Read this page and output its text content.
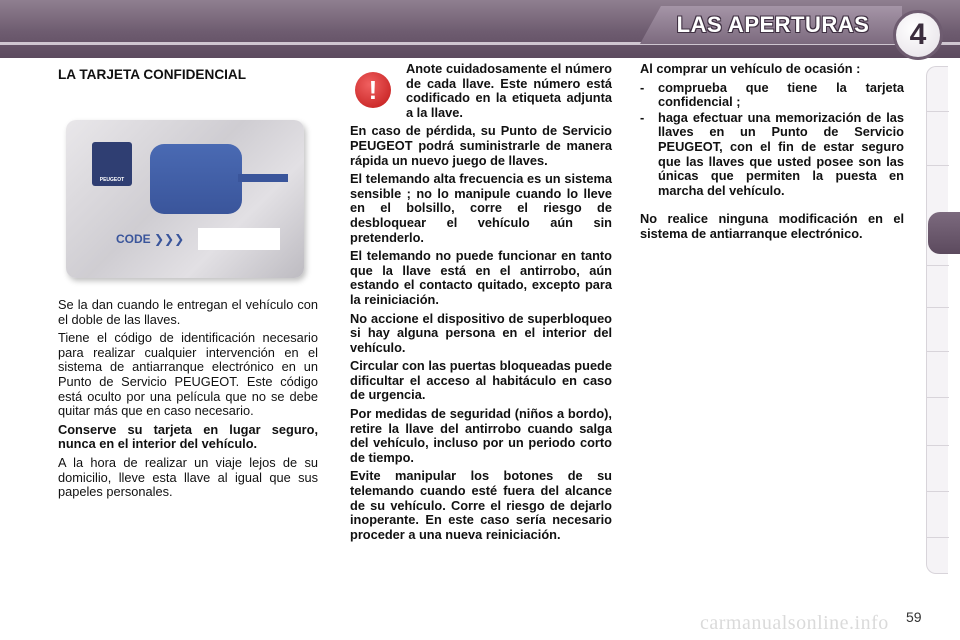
LAS APERTURAS	4
LA TARJETA CONFIDENCIAL
PEUGEOT
CODE ❯❯❯

Se la dan cuando le entregan el vehículo con el doble de las llaves.

Tiene el código de identificación necesario para realizar cualquier intervención en el sistema de antiarranque electrónico en un Punto de Servicio PEUGEOT. Este código está oculto por una película que no se debe quitar más que en caso necesario.

Conserve su tarjeta en lugar seguro, nunca en el interior del vehículo.

A la hora de realizar un viaje lejos de su domicilio, lleve esta llave al igual que sus papeles personales.

!

Anote cuidadosamente el número de cada llave. Este número está codificado en la etiqueta adjunta a la llave.

En caso de pérdida, su Punto de Servicio PEUGEOT podrá suministrarle de manera rápida un nuevo juego de llaves.

El telemando alta frecuencia es un sistema sensible ; no lo manipule cuando lo lleve en el bolsillo, corre el riesgo de desbloquear el vehículo aún sin pretenderlo.

El telemando no puede funcionar en tanto que la llave está en el antirrobo, aún estando el contacto quitado, excepto para la reiniciación.

No accione el dispositivo de superbloqueo si hay alguna persona en el interior del vehículo.

Circular con las puertas bloqueadas puede dificultar el acceso al habitáculo en caso de urgencia.

Por medidas de seguridad (niños a bordo), retire la llave del antirrobo cuando salga del vehículo, incluso por un periodo corto de tiempo.

Evite manipular los botones de su telemando cuando esté fuera del alcance de su vehículo. Corre el riesgo de dejarlo inoperante. En este caso sería necesario proceder a una nueva reiniciación.

Al comprar un vehículo de ocasión :

-	comprueba que tiene la tarjeta confidencial ;
-	haga efectuar una memorización de las llaves en un Punto de Servicio PEUGEOT, con el fin de estar seguro que las llaves que usted posee son las únicas que permiten la puesta en marcha del vehículo.

No realice ninguna modificación en el sistema de antiarranque electrónico.

carmanualsonline.info 59
